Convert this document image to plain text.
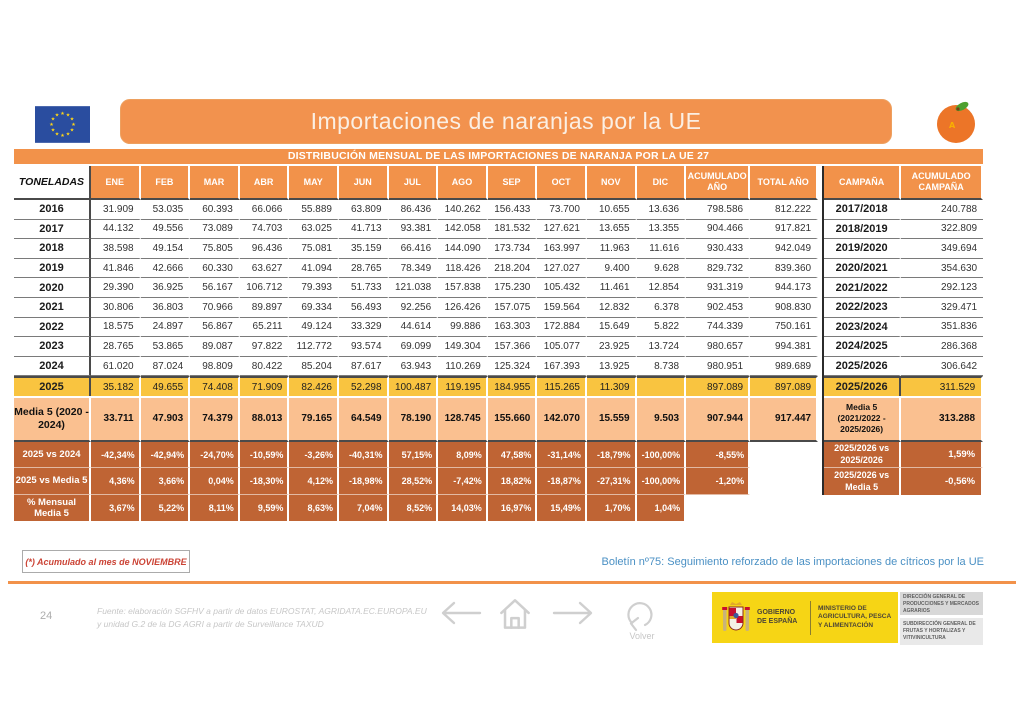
★ ★
★
★
★
★
★
★
★
★
★
★	Importaciones de naranjas por la UE	A
DISTRIBUCIÓN MENSUAL DE LAS IMPORTACIONES DE NARANJA POR LA UE 27
TONELADAS	ENE	FEB	MAR	ABR	MAY	JUN	JUL	AGO	SEP	OCT	NOV	DIC	ACUMULADO AÑO	TOTAL AÑO
2016	31.909	53.035	60.393	66.066	55.889	63.809	86.436	140.262	156.433	73.700	10.655	13.636	798.586	812.222
2017	44.132	49.556	73.089	74.703	63.025	41.713	93.381	142.058	181.532	127.621	13.655	13.355	904.466	917.821
2018	38.598	49.154	75.805	96.436	75.081	35.159	66.416	144.090	173.734	163.997	11.963	11.616	930.433	942.049
2019	41.846	42.666	60.330	63.627	41.094	28.765	78.349	118.426	218.204	127.027	9.400	9.628	829.732	839.360
2020	29.390	36.925	56.167	106.712	79.393	51.733	121.038	157.838	175.230	105.432	11.461	12.854	931.319	944.173
2021	30.806	36.803	70.966	89.897	69.334	56.493	92.256	126.426	157.075	159.564	12.832	6.378	902.453	908.830
2022	18.575	24.897	56.867	65.211	49.124	33.329	44.614	99.886	163.303	172.884	15.649	5.822	744.339	750.161
2023	28.765	53.865	89.087	97.822	112.772	93.574	69.099	149.304	157.366	105.077	23.925	13.724	980.657	994.381
2024	61.020	87.024	98.809	80.422	85.204	87.617	63.943	110.269	125.324	167.393	13.925	8.738	980.951	989.689
2025	35.182	49.655	74.408	71.909	82.426	52.298	100.487	119.195	184.955	115.265	11.309		897.089	897.089
Media 5 (2020 - 2024)	33.711	47.903	74.379	88.013	79.165	64.549	78.190	128.745	155.660	142.070	15.559	9.503	907.944	917.447
2025 vs 2024	-42,34%	-42,94%	-24,70%	-10,59%	-3,26%	-40,31%	57,15%	8,09%	47,58%	-31,14%	-18,79%	-100,00%	-8,55%	
2025 vs Media 5	4,36%	3,66%	0,04%	-18,30%	4,12%	-18,98%	28,52%	-7,42%	18,82%	-18,87%	-27,31%	-100,00%	-1,20%	
% Mensual Media 5	3,67%	5,22%	8,11%	9,59%	8,63%	7,04%	8,52%	14,03%	16,97%	15,49%	1,70%	1,04%		
CAMPAÑA	ACUMULADO CAMPAÑA
2017/2018	240.788
2018/2019	322.809
2019/2020	349.694
2020/2021	354.630
2021/2022	292.123
2022/2023	329.471
2023/2024	351.836
2024/2025	286.368
2025/2026	306.642
2025/2026	311.529
Media 5 (2021/2022 - 2025/2026)	313.288
2025/2026 vs 2025/2026	1,59%
2025/2026 vs Media 5	-0,56%
(*) Acumulado al mes de NOVIEMBRE	Boletín nº75: Seguimiento reforzado de las importaciones de cítricos por la UE
24	Fuente: elaboración SGFHV a partir de datos EUROSTAT, AGRIDATA.EC.EUROPA.EU
y unidad G.2 de la DG AGRI a partir de Surveillance TAXUD
Volver
GOBIERNO DE ESPAÑA
MINISTERIO DE AGRICULTURA, PESCA Y ALIMENTACIÓN
DIRECCIÓN GENERAL DE PRODUCCIONES Y MERCADOS AGRARIOS
SUBDIRECCIÓN GENERAL DE FRUTAS Y HORTALIZAS Y VITIVINICULTURA
